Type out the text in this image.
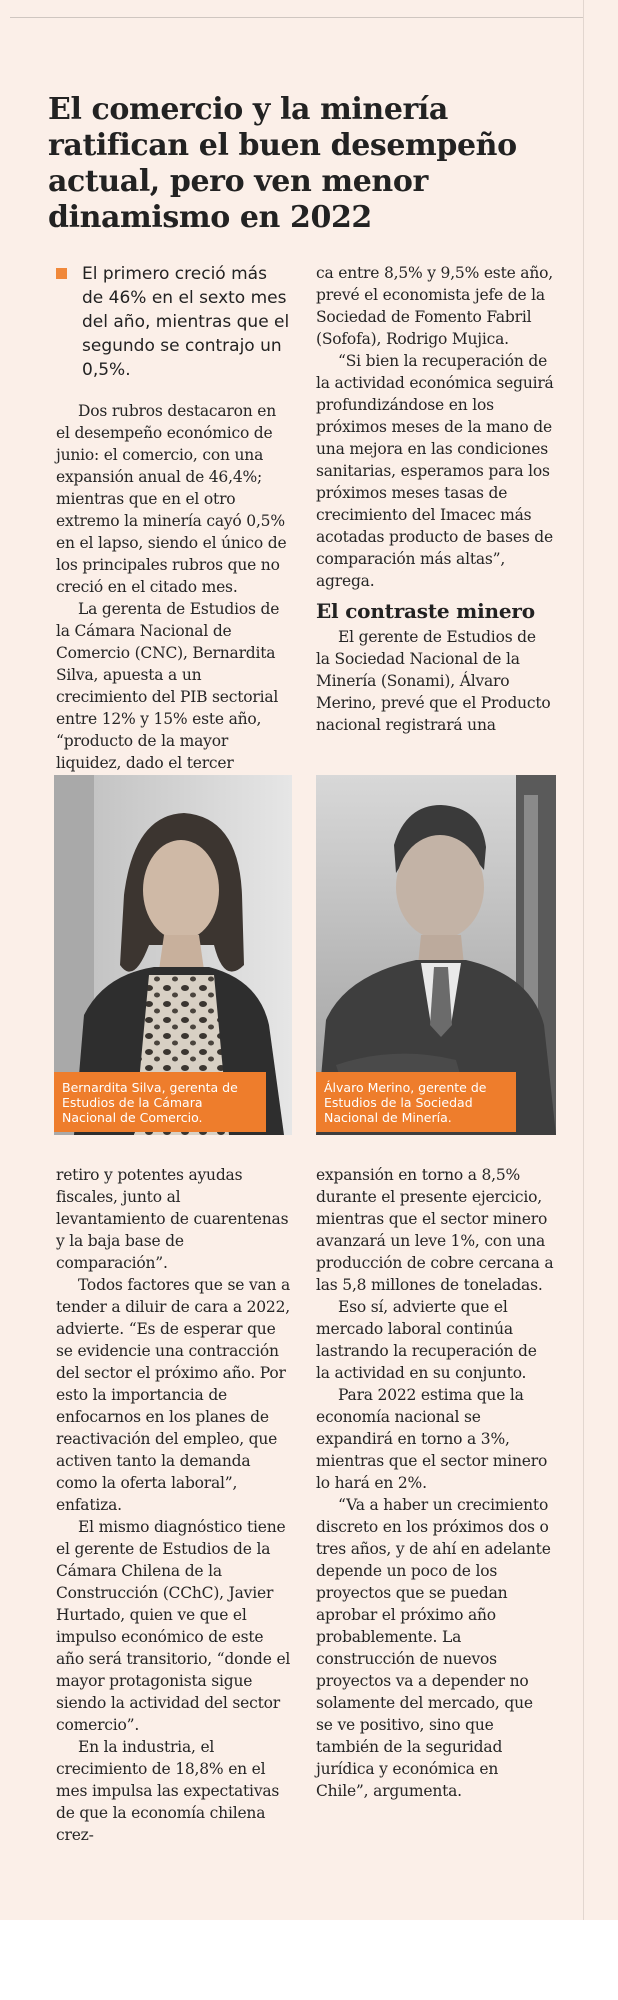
El comercio y la minería ratifican el buen desempeño actual, pero ven menor dinamismo en 2022
El primero creció más de 46% en el sexto mes del año, mientras que el segundo se contrajo un 0,5%.

Dos rubros destacaron en el desempeño económico de junio: el comercio, con una expansión anual de 46,4%; mientras que en el otro extremo la minería cayó 0,5% en el lapso, siendo el único de los principales rubros que no creció en el citado mes.

La gerenta de Estudios de la Cámara Nacional de Comercio (CNC), Bernardita Silva, apuesta a un crecimiento del PIB sectorial entre 12% y 15% este año, “producto de la mayor liquidez, dado el tercer

ca entre 8,5% y 9,5% este año, prevé el economista jefe de la Sociedad de Fomento Fabril (Sofofa), Rodrigo Mujica.

“Si bien la recuperación de la actividad económica seguirá profundizándose en los próximos meses de la mano de una mejora en las condiciones sanitarias, esperamos para los próximos meses tasas de crecimiento del Imacec más acotadas producto de bases de comparación más altas”, agrega.

El contraste minero

El gerente de Estudios de la Sociedad Nacional de la Minería (Sonami), Álvaro Merino, prevé que el Producto nacional registrará una

Bernardita Silva, gerenta de Estudios de la Cámara Nacional de Comercio.
Álvaro Merino, gerente de Estudios de la Sociedad Nacional de Minería.

retiro y potentes ayudas fiscales, junto al levantamiento de cuarentenas y la baja base de comparación”.

Todos factores que se van a tender a diluir de cara a 2022, advierte. “Es de esperar que se evidencie una contracción del sector el próximo año. Por esto la importancia de enfocarnos en los planes de reactivación del empleo, que activen tanto la demanda como la oferta laboral”, enfatiza.

El mismo diagnóstico tiene el gerente de Estudios de la Cámara Chilena de la Construcción (CChC), Javier Hurtado, quien ve que el impulso económico de este año será transitorio, “donde el mayor protagonista sigue siendo la actividad del sector comercio”.

En la industria, el crecimiento de 18,8% en el mes impulsa las expectativas de que la economía chilena crez-

expansión en torno a 8,5% durante el presente ejercicio, mientras que el sector minero avanzará un leve 1%, con una producción de cobre cercana a las 5,8 millones de toneladas.

Eso sí, advierte que el mercado laboral continúa lastrando la recuperación de la actividad en su conjunto.

Para 2022 estima que la economía nacional se expandirá en torno a 3%, mientras que el sector minero lo hará en 2%.

“Va a haber un crecimiento discreto en los próximos dos o tres años, y de ahí en adelante depende un poco de los proyectos que se puedan aprobar el próximo año probablemente. La construcción de nuevos proyectos va a depender no solamente del mercado, que se ve positivo, sino que también de la seguridad jurídica y económica en Chile”, argumenta.
